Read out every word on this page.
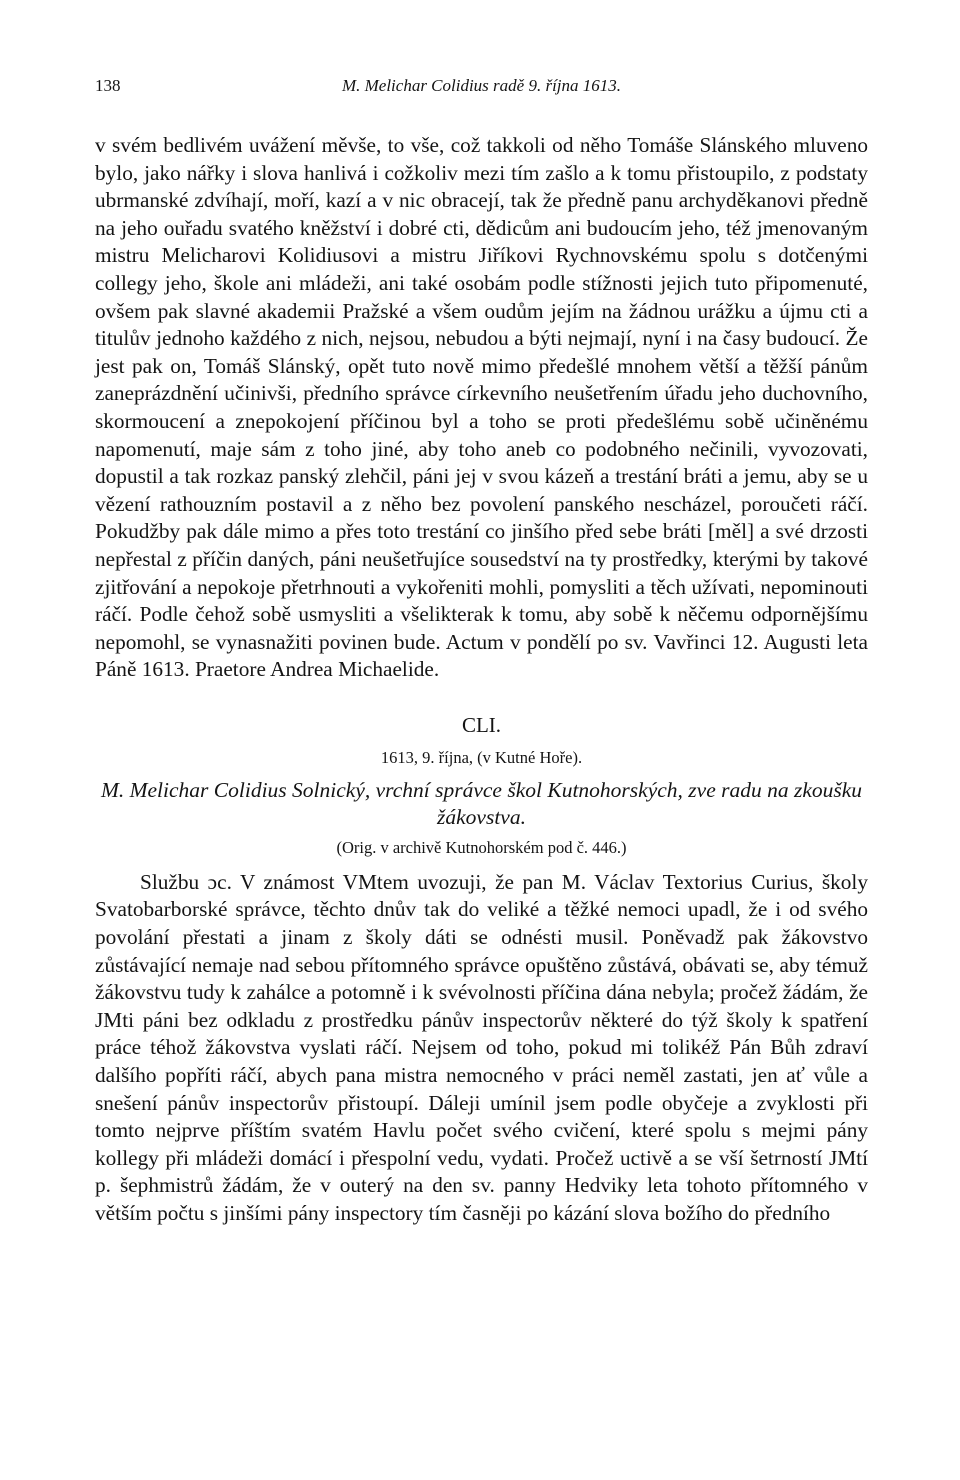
138	M. Melichar Colidius radě 9. října 1613.

v svém bedlivém uvážení měvše, to vše, což takkoli od něho Tomáše Slánského mluveno bylo, jako nářky i slova hanlivá i cožkoliv mezi tím zašlo a k tomu přistoupilo, z podstaty ubrmanské zdvíhají, moří, kazí a v nic obracejí, tak že předně panu archyděkanovi předně na jeho ouřadu svatého kněžství i dobré cti, dědicům ani budoucím jeho, též jmenovaným mistru Melicharovi Kolidiusovi a mistru Jiříkovi Rychnovskému spolu s dotčenými collegy jeho, škole ani mládeži, ani také osobám podle stížnosti jejich tuto připomenuté, ovšem pak slavné akademii Pražské a všem oudům jejím na žádnou urážku a újmu cti a titulův jednoho každého z nich, nejsou, nebudou a býti nejmají, nyní i na časy budoucí. Že jest pak on, Tomáš Slánský, opět tuto nově mimo předešlé mnohem větší a těžší pánům zaneprázdnění učinivši, předního správce církevního neušetřením úřadu jeho duchovního, skormoucení a znepokojení příčinou byl a toho se proti předešlému sobě učiněnému napomenutí, maje sám z toho jiné, aby toho aneb co podobného nečinili, vyvozovati, dopustil a tak rozkaz panský zlehčil, páni jej v svou kázeň a trestání bráti a jemu, aby se u vězení rathouzním postavil a z něho bez povolení panského nescházel, poroučeti ráčí. Pokudžby pak dále mimo a přes toto trestání co jinšího před sebe bráti [měl] a své drzosti nepřestal z příčin daných, páni neušetřujíce sousedství na ty prostředky, kterými by takové zjitřování a nepokoje přetrhnouti a vykořeniti mohli, pomysliti a těch užívati, nepominouti ráčí. Podle čehož sobě usmysliti a všelikterak k tomu, aby sobě k něčemu odpornějšímu nepomohl, se vynasnažiti povinen bude. Actum v pondělí po sv. Vavřinci 12. Augusti leta Páně 1613. Praetore Andrea Michaelide.

CLI.
1613, 9. října, (v Kutné Hoře).
M. Melichar Colidius Solnický, vrchní správce škol Kutnohorských, zve radu na zkoušku žákovstva.
(Orig. v archivě Kutnohorském pod č. 446.)

Službu ɔc. V známost VMtem uvozuji, že pan M. Václav Textorius Curius, školy Svatobarborské správce, těchto dnův tak do veliké a těžké nemoci upadl, že i od svého povolání přestati a jinam z školy dáti se odnésti musil. Poněvadž pak žákovstvo zůstávající nemaje nad sebou přítomného správce opuštěno zůstává, obávati se, aby témuž žákovstvu tudy k zahálce a potomně i k svévolnosti příčina dána nebyla; pročež žádám, že JMti páni bez odkladu z prostředku pánův inspectorův některé do týž školy k spatření práce téhož žákovstva vyslati ráčí. Nejsem od toho, pokud mi tolikéž Pán Bůh zdraví dalšího popříti ráčí, abych pana mistra nemocného v práci neměl zastati, jen ať vůle a snešení pánův inspectorův přistoupí. Dáleji umínil jsem podle obyčeje a zvyklosti při tomto nejprve příštím svatém Havlu počet svého cvičení, které spolu s mejmi pány kollegy při mládeži domácí i přespolní vedu, vydati. Pročež uctivě a se vší šetrností JMtí p. šephmistrů žádám, že v outerý na den sv. panny Hedviky leta tohoto přítomného v větším počtu s jinšími pány inspectory tím časněji po kázání slova božího do předního
